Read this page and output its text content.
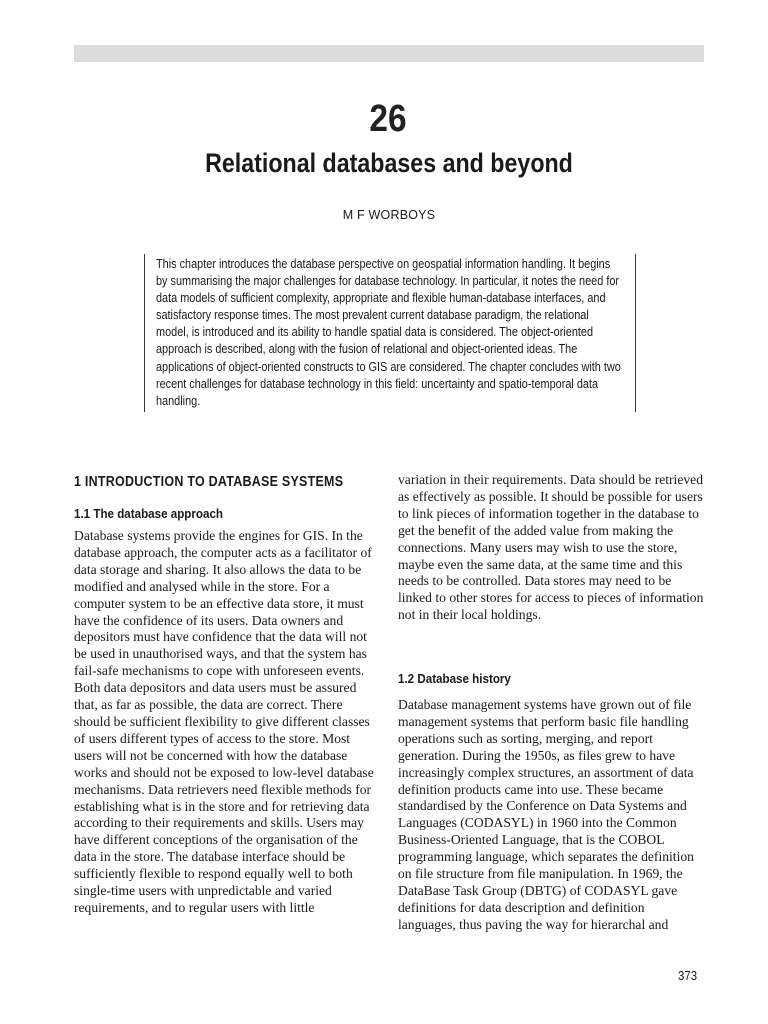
26
Relational databases and beyond
M F WORBOYS

This chapter introduces the database perspective on geospatial information handling. It begins by summarising the major challenges for database technology. In particular, it notes the need for data models of sufficient complexity, appropriate and flexible human-database interfaces, and satisfactory response times. The most prevalent current database paradigm, the relational model, is introduced and its ability to handle spatial data is considered. The object-oriented approach is described, along with the fusion of relational and object-oriented ideas. The applications of object-oriented constructs to GIS are considered. The chapter concludes with two recent challenges for database technology in this field: uncertainty and spatio-temporal data handling.

1 INTRODUCTION TO DATABASE SYSTEMS
1.1 The database approach

Database systems provide the engines for GIS. In the database approach, the computer acts as a facilitator of data storage and sharing. It also allows the data to be modified and analysed while in the store. For a computer system to be an effective data store, it must have the confidence of its users. Data owners and depositors must have confidence that the data will not be used in unauthorised ways, and that the system has fail-safe mechanisms to cope with unforeseen events. Both data depositors and data users must be assured that, as far as possible, the data are correct. There should be sufficient flexibility to give different classes of users different types of access to the store. Most users will not be concerned with how the database works and should not be exposed to low-level database mechanisms. Data retrievers need flexible methods for establishing what is in the store and for retrieving data according to their requirements and skills. Users may have different conceptions of the organisation of the data in the store. The database interface should be sufficiently flexible to respond equally well to both single-time users with unpredictable and varied requirements, and to regular users with little

variation in their requirements. Data should be retrieved as effectively as possible. It should be possible for users to link pieces of information together in the database to get the benefit of the added value from making the connections. Many users may wish to use the store, maybe even the same data, at the same time and this needs to be controlled. Data stores may need to be linked to other stores for access to pieces of information not in their local holdings.

1.2 Database history

Database management systems have grown out of file management systems that perform basic file handling operations such as sorting, merging, and report generation. During the 1950s, as files grew to have increasingly complex structures, an assortment of data definition products came into use. These became standardised by the Conference on Data Systems and Languages (CODASYL) in 1960 into the Common Business-Oriented Language, that is the COBOL programming language, which separates the definition on file structure from file manipulation. In 1969, the DataBase Task Group (DBTG) of CODASYL gave definitions for data description and definition languages, thus paving the way for hierarchal and

373
